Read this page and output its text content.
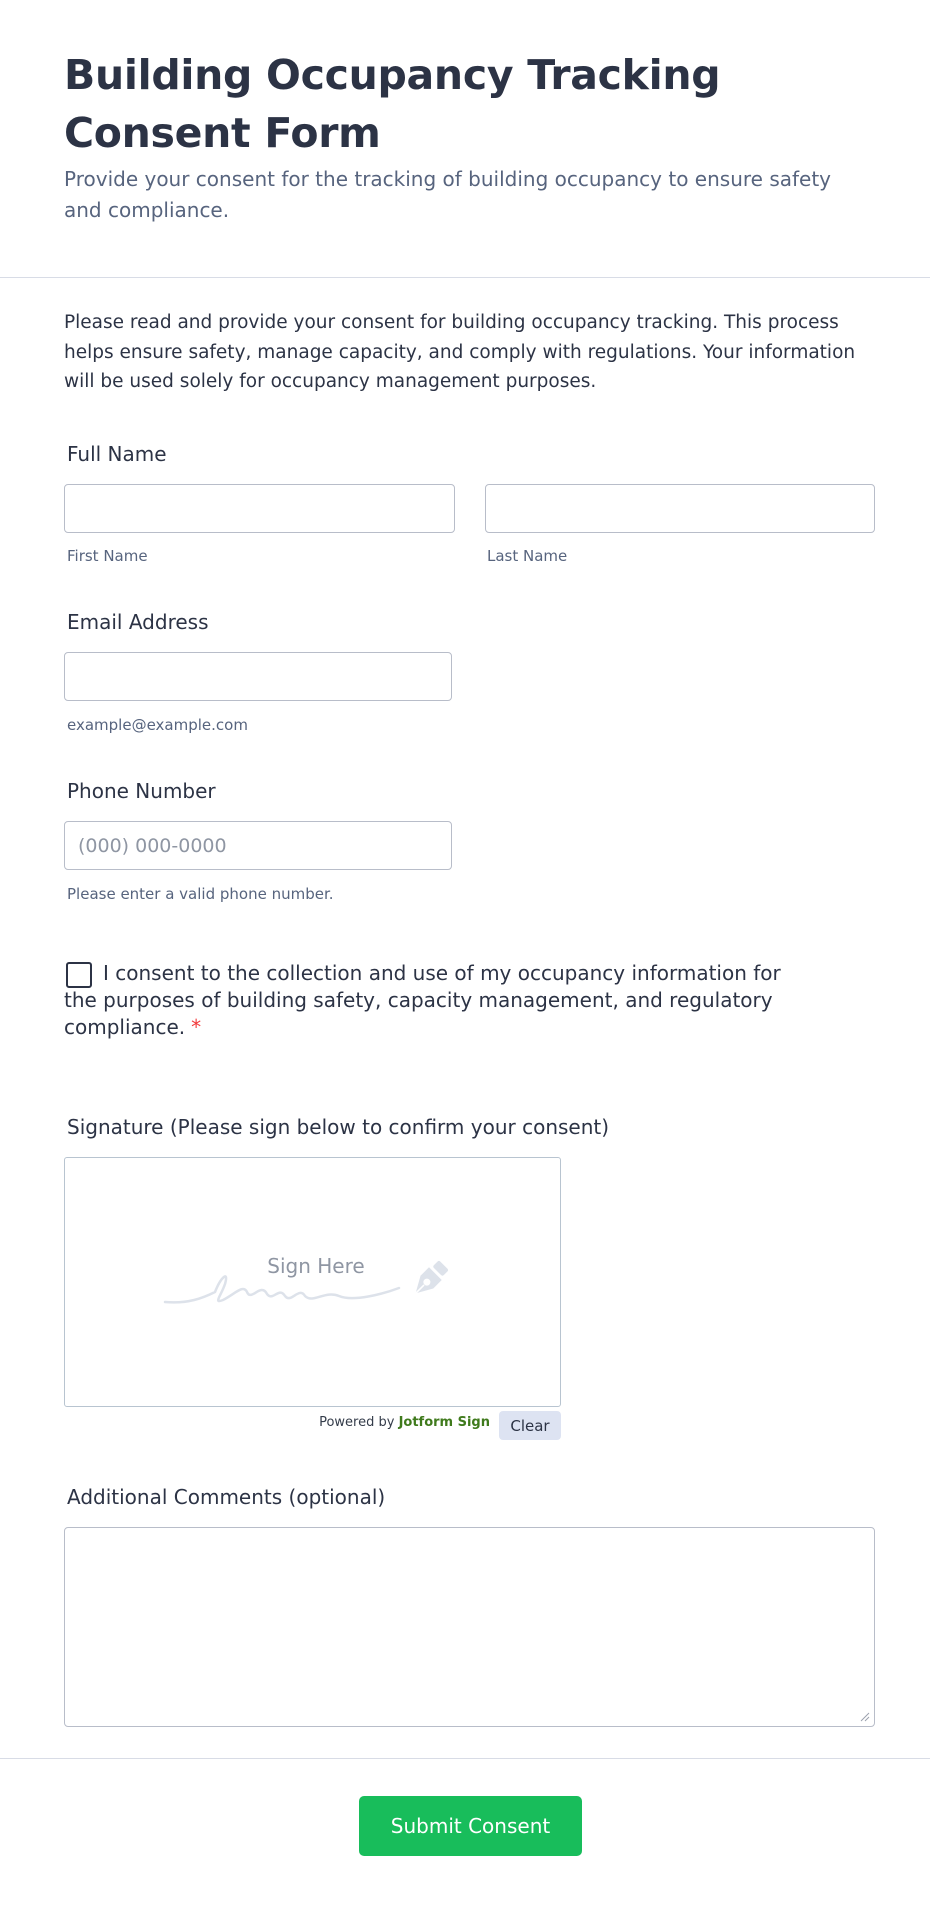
Building Occupancy Tracking Consent Form
Provide your consent for the tracking of building occupancy to ensure safety and compliance.
Please read and provide your consent for building occupancy tracking. This process helps ensure safety, manage capacity, and comply with regulations. Your information will be used solely for occupancy management purposes.
Full Name
First Name	Last Name
Email Address
example@example.com
Phone Number
(000) 000-0000
Please enter a valid phone number.
I consent to the collection and use of my occupancy information for the purposes of building safety, capacity management, and regulatory compliance. *
Signature (Please sign below to confirm your consent)
Sign Here
Powered by Jotform Sign	Clear
Additional Comments (optional)
Submit Consent
